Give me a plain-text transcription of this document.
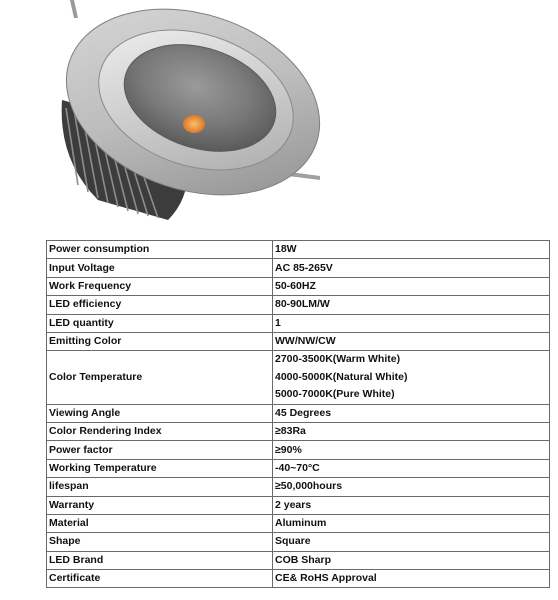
Power consumption	18W
Input Voltage	AC 85-265V
Work Frequency	50-60HZ
LED efficiency	80-90LM/W
LED quantity	1
Emitting Color	WW/NW/CW
Color Temperature	2700-3500K(Warm White)
4000-5000K(Natural White)
5000-7000K(Pure White)

Viewing Angle	45 Degrees
Color Rendering Index	≥83Ra
Power factor	≥90%
Working Temperature	-40~70°C
lifespan	≥50,000hours
Warranty	2 years
Material	Aluminum
Shape	Square
LED Brand	COB Sharp
Certificate	CE& RoHS Approval
